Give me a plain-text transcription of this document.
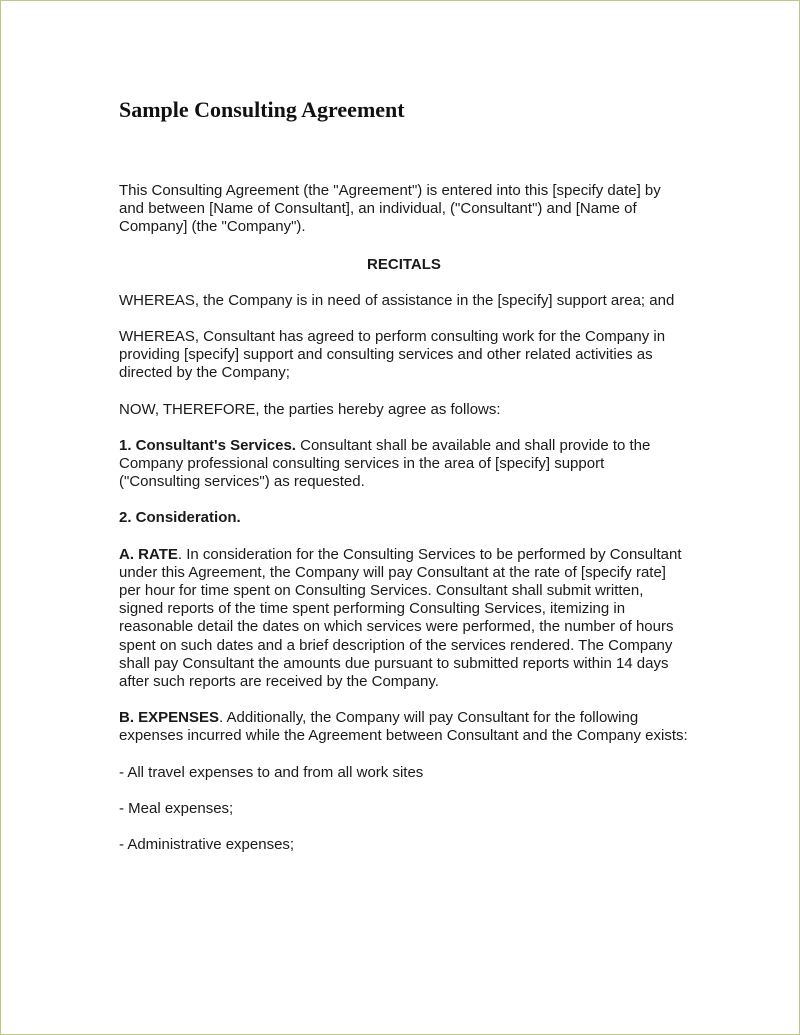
Sample Consulting Agreement

This Consulting Agreement (the "Agreement") is entered into this [specify date] by and between [Name of Consultant], an individual, ("Consultant") and [Name of Company] (the "Company").

RECITALS

WHEREAS, the Company is in need of assistance in the [specify] support area; and

WHEREAS, Consultant has agreed to perform consulting work for the Company in providing [specify] support and consulting services and other related activities as directed by the Company;

NOW, THEREFORE, the parties hereby agree as follows:

1. Consultant's Services. Consultant shall be available and shall provide to the Company professional consulting services in the area of [specify] support ("Consulting services") as requested.

2. Consideration.

A. RATE. In consideration for the Consulting Services to be performed by Consultant under this Agreement, the Company will pay Consultant at the rate of [specify rate] per hour for time spent on Consulting Services. Consultant shall submit written, signed reports of the time spent performing Consulting Services, itemizing in reasonable detail the dates on which services were performed, the number of hours spent on such dates and a brief description of the services rendered. The Company shall pay Consultant the amounts due pursuant to submitted reports within 14 days after such reports are received by the Company.

B. EXPENSES. Additionally, the Company will pay Consultant for the following expenses incurred while the Agreement between Consultant and the Company exists:

- All travel expenses to and from all work sites

- Meal expenses;

- Administrative expenses;
